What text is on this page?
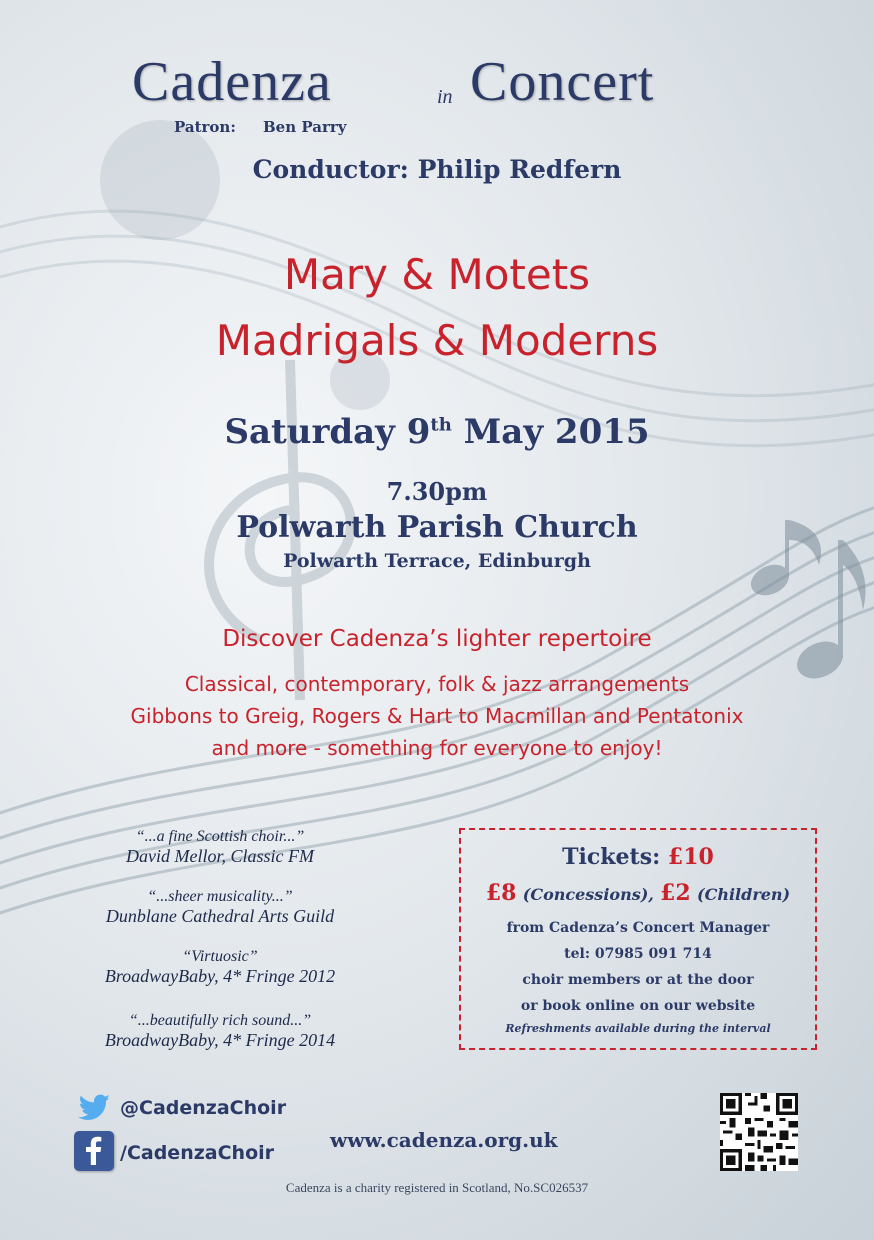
Cadenza	in Concert
Patron: Ben Parry
Conductor: Philip Redfern
Mary & Motets
Madrigals & Moderns
Saturday 9th May 2015
7.30pm
Polwarth Parish Church
Polwarth Terrace, Edinburgh
Discover Cadenza’s lighter repertoire
Classical, contemporary, folk & jazz arrangements
Gibbons to Greig, Rogers & Hart to Macmillan and Pentatonix
and more - something for everyone to enjoy!
“...a fine Scottish choir...”
David Mellor, Classic FM
“...sheer musicality...”
Dunblane Cathedral Arts Guild
“Virtuosic”
BroadwayBaby, 4* Fringe 2012
“...beautifully rich sound...”
BroadwayBaby, 4* Fringe 2014
Tickets: £10
£8 (Concessions), £2 (Children)
from Cadenza’s Concert Manager
tel: 07985 091 714
choir members or at the door
or book online on our website
Refreshments available during the interval
@CadenzaChoir
/CadenzaChoir
www.cadenza.org.uk
Cadenza is a charity registered in Scotland, No.SC026537
